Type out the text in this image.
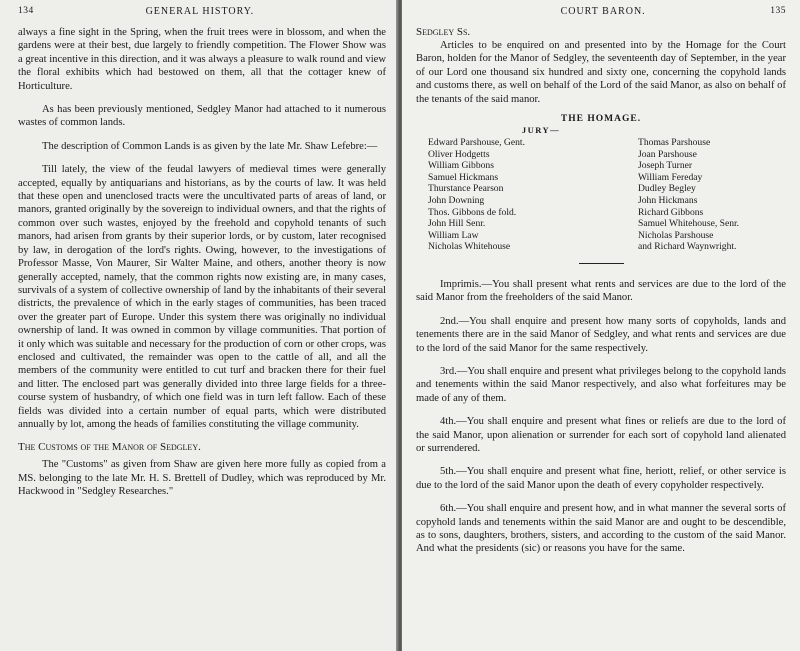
134	GENERAL HISTORY.

always a fine sight in the Spring, when the fruit trees were in blossom, and when the gardens were at their best, due largely to friendly competition. The Flower Show was a great incentive in this direction, and it was always a pleasure to walk round and view the floral exhibits which had bestowed on them, all that the cottager knew of Horticulture.

As has been previously mentioned, Sedgley Manor had attached to it numerous wastes of common lands.

The description of Common Lands is as given by the late Mr. Shaw Lefebre:—

Till lately, the view of the feudal lawyers of medieval times were generally accepted, equally by antiquarians and historians, as by the courts of law. It was held that these open and unenclosed tracts were the uncultivated parts of areas of land, or manors, granted originally by the sovereign to individual owners, and that the rights of common over such wastes, enjoyed by the freehold and copyhold tenants of such manors, had arisen from grants by their superior lords, or by custom, later recognised by law, in derogation of the lord's rights. Owing, however, to the investigations of Professor Masse, Von Maurer, Sir Walter Maine, and others, another theory is now generally accepted, namely, that the common rights now existing are, in many cases, survivals of a system of collective ownership of land by the inhabitants of their several districts, the prevalence of which in the early stages of communities, has been traced over the greater part of Europe. Under this system there was originally no individual ownership of land. It was owned in common by village communities. That portion of it only which was suitable and necessary for the production of corn or other crops, was enclosed and cultivated, the remainder was open to the cattle of all, and all the members of the community were entitled to cut turf and bracken there for their fuel and litter. The enclosed part was generally divided into three large fields for a three-course system of husbandry, of which one field was in turn left fallow. Each of these fields was divided into a certain number of equal parts, which were distributed annually by lot, among the heads of families constituting the village community.

The Customs of the Manor of Sedgley.

The "Customs" as given from Shaw are given here more fully as copied from a MS. belonging to the late Mr. H. S. Brettell of Dudley, which was reproduced by Mr. Hackwood in "Sedgley Researches."

COURT BARON.	135

Sedgley Ss.

Articles to be enquired on and presented into by the Homage for the Court Baron, holden for the Manor of Sedgley, the seventeenth day of September, in the year of our Lord one thousand six hundred and sixty one, concerning the copyhold lands and customs there, as well on behalf of the Lord of the said Manor, as also on behalf of the tenants of the said manor.

THE HOMAGE.
JURY—
Edward Parshouse, Gent.
Oliver Hodgetts
William Gibbons
Samuel Hickmans
Thurstance Pearson
John Downing
Thos. Gibbons de fold.
John Hill Senr.
William Law
Nicholas Whitehouse
Thomas Parshouse
Joan Parshouse
Joseph Turner
William Fereday
Dudley Begley
John Hickmans
Richard Gibbons
Samuel Whitehouse, Senr.
Nicholas Parshouse
and Richard Waynwright.

Imprimis.—You shall present what rents and services are due to the lord of the said Manor from the freeholders of the said Manor.

2nd.—You shall enquire and present how many sorts of copyholds, lands and tenements there are in the said Manor of Sedgley, and what rents and services are due to the lord of the said Manor for the same respectively.

3rd.—You shall enquire and present what privileges belong to the copyhold lands and tenements within the said Manor respectively, and also what forfeitures may be made of any of them.

4th.—You shall enquire and present what fines or reliefs are due to the lord of the said Manor, upon alienation or surrender for each sort of copyhold land alienated or surrendered.

5th.—You shall enquire and present what fine, heriott, relief, or other service is due to the lord of the said Manor upon the death of every copyholder respectively.

6th.—You shall enquire and present how, and in what manner the several sorts of copyhold lands and tenements within the said Manor are and ought to be descendible, as to sons, daughters, brothers, sisters, and according to the custom of the said Manor. And what the presidents (sic) or reasons you have for the same.
